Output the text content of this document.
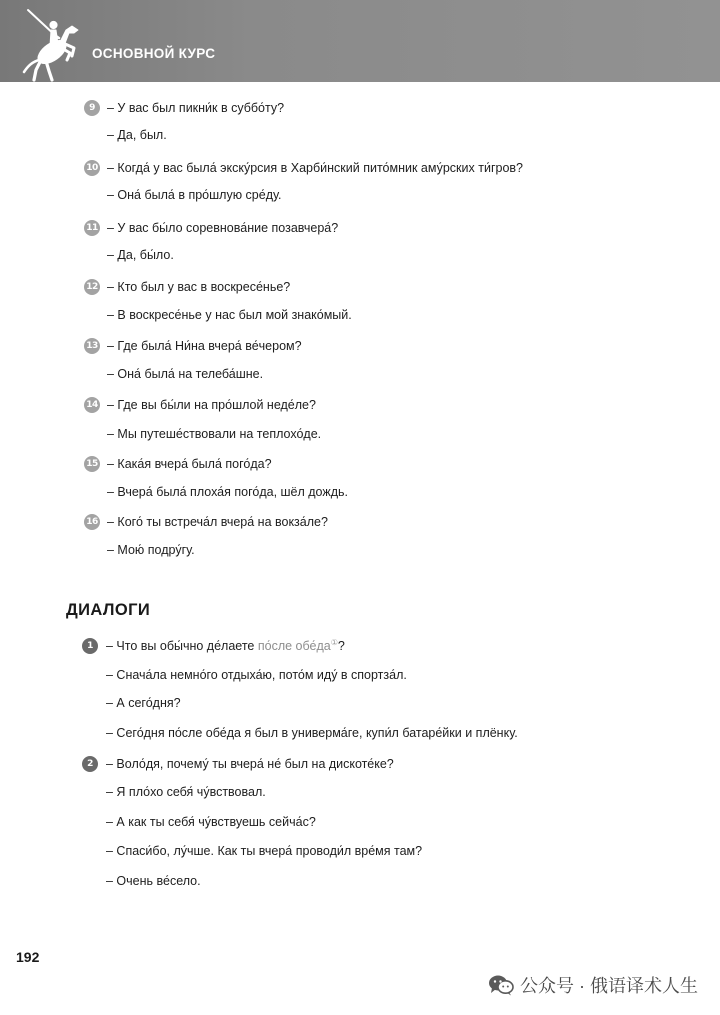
ОСНОВНОЙ КУРС
9 – У вас был пикни́к в суббо́ту?
– Да, был.
10 – Когда́ у вас была́ экску́рсия в Харби́нский пито́мник аму́рских ти́гров?
– Она́ была́ в про́шлую сре́ду.
11 – У вас бы́ло соревнова́ние позавчера́?
– Да, бы́ло.
12 – Кто был у вас в воскресе́нье?
– В воскресе́нье у нас был мой знако́мый.
13 – Где была́ Ни́на вчера́ ве́чером?
– Она́ была́ на телеба́шне.
14 – Где вы бы́ли на про́шлой неде́ле?
– Мы путеше́ствовали на теплохо́де.
15 – Кака́я вчера́ была́ пого́да?
– Вчера́ была́ плоха́я пого́да, шёл дождь.
16 – Кого́ ты встреча́л вчера́ на вокза́ле?
– Мою́ подру́гу.
ДИАЛОГИ
1	– Что вы обы́чно де́лаете по́сле обе́да①?
– Снача́ла немно́го отдыха́ю, пото́м иду́ в спортза́л.
– А сего́дня?
– Сего́дня по́сле обе́да я был в универма́ге, купи́л батаре́йки и плёнку.
2	– Воло́дя, почему́ ты вчера́ не́ был на дискоте́ке?
– Я пло́хо себя́ чу́вствовал.
– А как ты себя́ чу́вствуешь сейча́с?
– Спаси́бо, лу́чше. Как ты вчера́ проводи́л вре́мя там?
– Очень ве́село.
192
公众号 · 俄语译术人生
